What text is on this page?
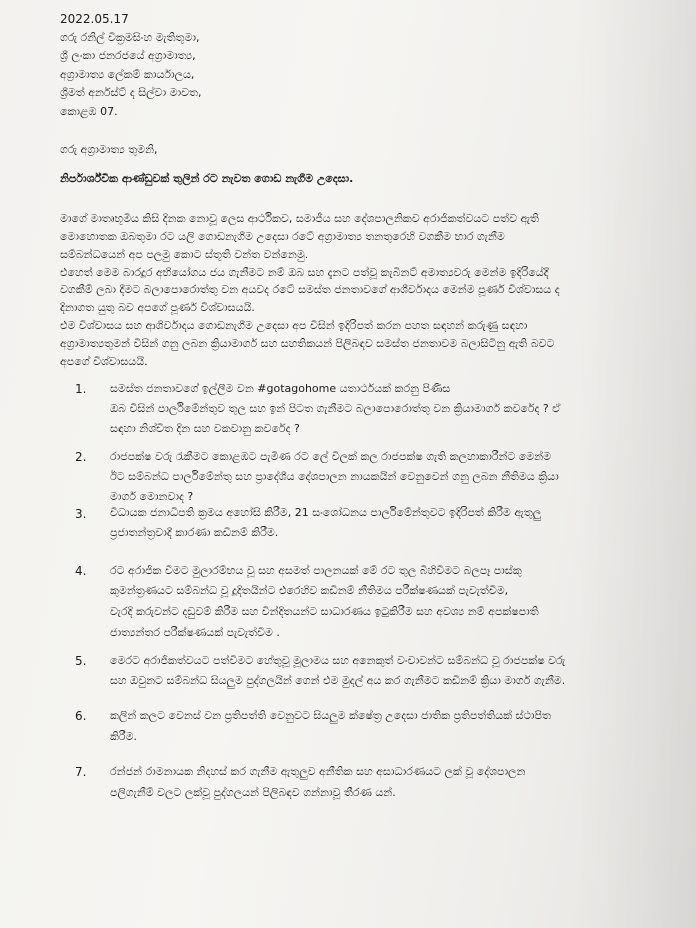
2022.05.17
ගරු රනිල් වික්‍රමසිංහ මැතිතුමා,
ශ්‍රී ලංකා ජනරජයේ අග්‍රාමාත්‍ය,
අග්‍රාමාත්‍ය ලේකම් කාර්යාලය,
ශ්‍රීමත් අර්නස්ට් ද සිල්වා මාවත,
කොළඹ 07.
ගරු අග්‍රාමාත්‍ය තුමනි,
නිර්පාර්ශ්වික ආණ්ඩුවක් තුලින් රට නැවත ගොඩ නැගීම උදෙසා.
මාගේ මාතෘභූමිය කිසි දිනක නොවූ ලෙස ආර්ථිකව, සමාජීය සහ දේශපාලනිකව අරාජිකත්වයට පත්ව ඇති
මොහොතක ඔබතුමා රට යලි ගොඩනැගීම උදෙසා රටේ අග්‍රාමාත්‍ය තනතුරෙහි වගකීම භාර ගැනීම
සම්බන්ධයෙන් අප පලමු කොට ස්තූති වන්ත වන්නෙමු.
එහෙත් මෙම බාරදූර අභියෝගය ජය ගැනීමට නම් ඔබ සහ දැනට පත්වූ කැබිනට් අමාත්‍යවරු මෙන්ම ඉදිරියේදී
වගකීම් ලබා දීමට බලාපොරොත්තු වන අයවද රටේ සමස්ත ජනතාවගේ ආශීර්වාදය මෙන්ම පූර්ණ විශ්වාසය ද
දිනාගත යුතු බව අපගේ පූර්ණ විශ්වාසයයි.
එම විශ්වාසය සහ ආශිර්වාදය ගොඩනැගීම උදෙසා අප විසින් ඉදිරිපත් කරන පහත සඳහන් කරුණු සඳහා
අග්‍රාමාත්‍යතුමන් විසින් ගනු ලබන ක්‍රියාමාර්ග සහ සහතිකයන් පිලිබඳව සමස්ත ජනතාවම බලාසිටිනු ඇති බවට
අපගේ විශ්වාසයයි.
1. සමස්ත ජනතාවගේ ඉල්ලීම වන #gotagohome යතාර්ථයක් කරනු පිණිස
ඔබ විසින් පාර්ලිමේන්තුව තුල සහ ඉන් පිටත ගැනීමට බලාපොරොත්තු වන ක්‍රියාමාර්ග කවරේද ? ඒ
සඳහා නිශ්චිත දින සහ වකවානු කවරේද ?
2. රාජපක්ෂ වරු රැකීමට කොළඹට පැමිණ රට ලේ විලක් කල රාජපක්ෂ ගැති කලහාකාරීන්ට මෙන්ම
ඊට සම්බන්ධ පාර්ලිමේන්තු සහ ප්‍රාදේශීය දේශපාලන නායකයින් වෙනුවෙන් ගනු ලබන නීතිමය ක්‍රියා
මාර්ග මොනවාද ?
3. විධායක ජනාධිපති ක්‍රමය අහෝසි කිරීම, 21 සංශෝධනය පාර්ලිමේන්තුවට ඉදිරිපත් කිරීම ඇතුලු
ප්‍රජාතන්ත්‍රවාදී කාරණා කඩිනම් කිරීම.
4. රට අරාජික වීමට මුලාරම්භය වූ සහ අසමත් පාලනයක් මේ රට තුල බිහිවීමට බලපෑ පාස්කු
කුමන්ත්‍රණයට සම්බන්ධ වූ දූදිතයින්ට එරෙහිව කඩිනම් නීතිමය පරීක්ෂණයක් පැවැත්වීම,
වැරදි කරුවන්ට දඩුවම් කිරීම සහ වින්දිතයන්ට සාධාරණය ඉටුකිරීම සහ අවශ්‍ය නම් අපක්ෂපාති
ජාත්‍යන්තර පරීක්ෂණයක් පැවැත්වීම .
5. මෙරට අරාජිකත්වයට පත්වීමට හේතුවූ මූලාමය සහ අනෙකුත් වංචාවන්ට සම්බන්ධ වූ රාජපක්ෂ වරු
සහ ඔවුනට සම්බන්ධ සියලුම පුද්ගලයින් ගෙන් එම මුදල් අය කර ගැනීමට කඩිනම් ක්‍රියා මාර්ග ගැනීම.
6. කලින් කලට වෙනස් වන ප්‍රතිපත්ති වෙනුවට සියලුම ක්ෂේත්‍ර උදෙසා ජාතික ප්‍රතිපත්තියක් ස්ථාපිත
කිරීම.
7. රන්ජන් රාමනායක නිදහස් කර ගැනීම ඇතුලුව අනීතික සහ අසාධාරණයට ලක් වූ දේශපාලන
පලිගැනීම් වලට ලක්වූ පුද්ගලයන් පිලිබඳව ගන්නාවූ තීරණ යන්.
